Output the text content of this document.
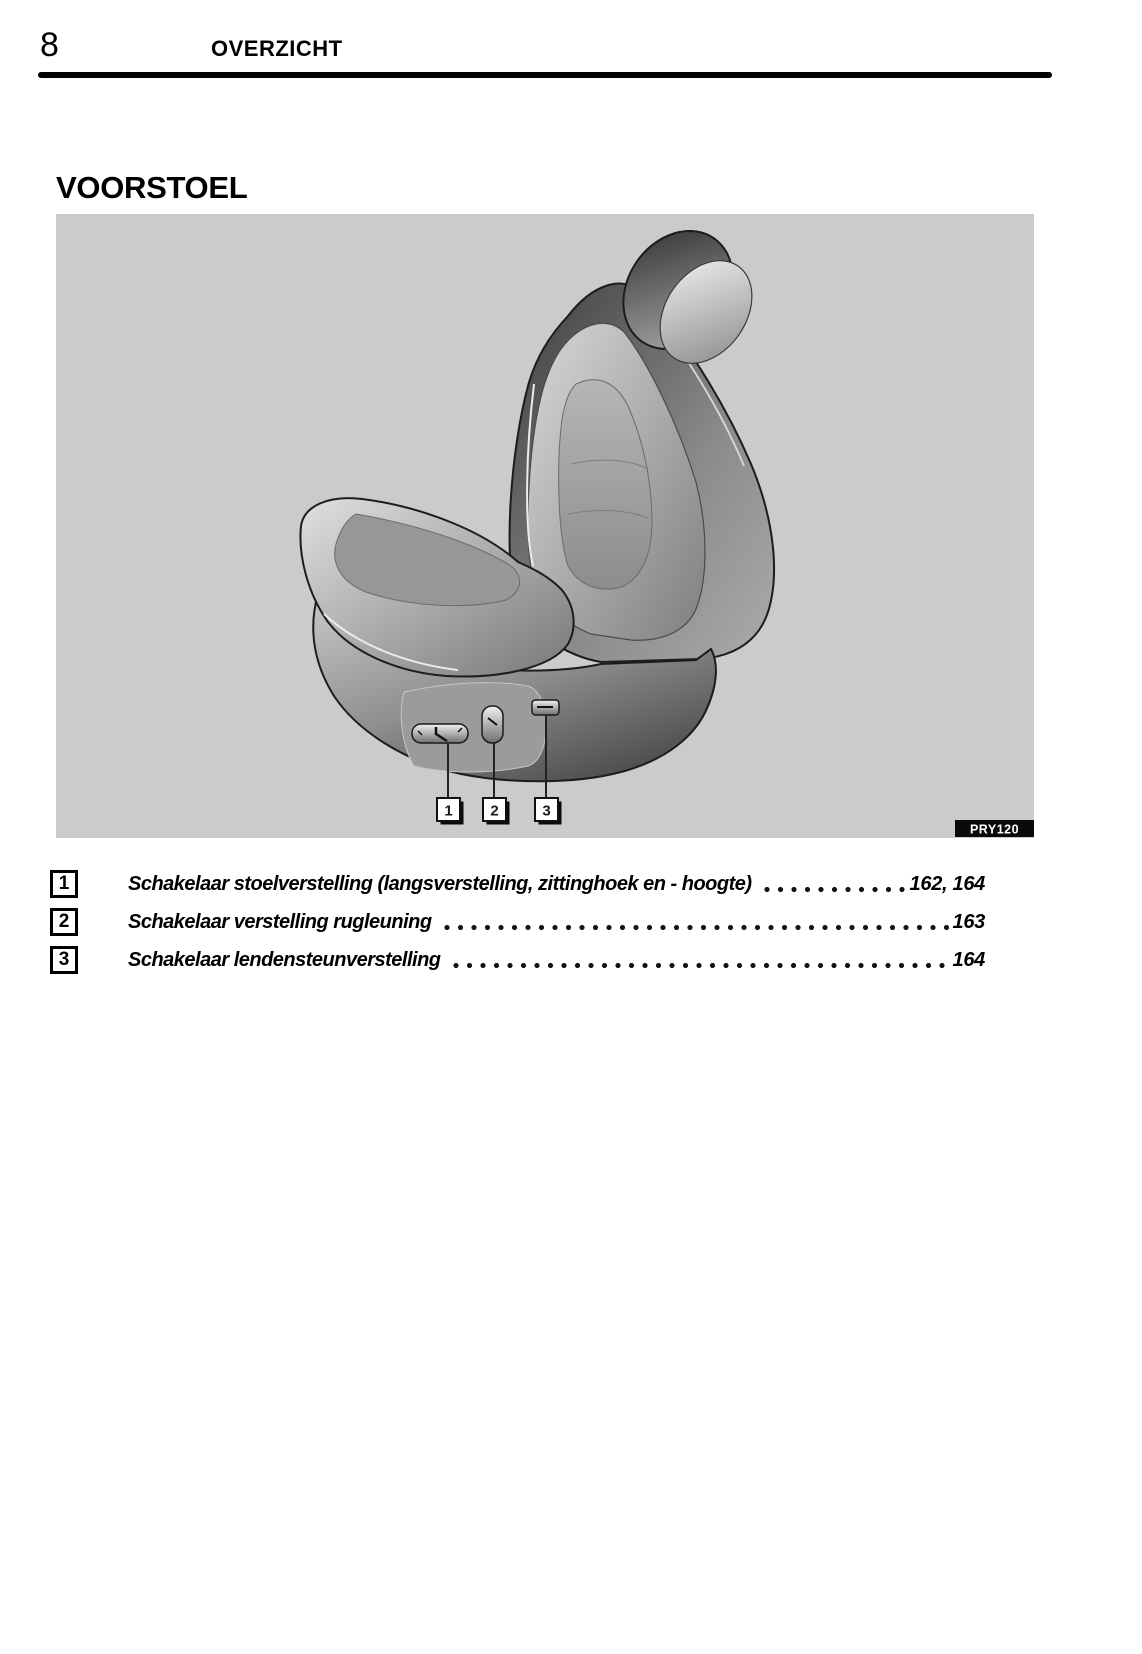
8	OVERZICHT
VOORSTOEL
1	2	3
PRY120
1	Schakelaar stoelverstelling (langsverstelling, zittinghoek en - hoogte)	162, 164
2	Schakelaar verstelling rugleuning	163
3	Schakelaar lendensteunverstelling	164
